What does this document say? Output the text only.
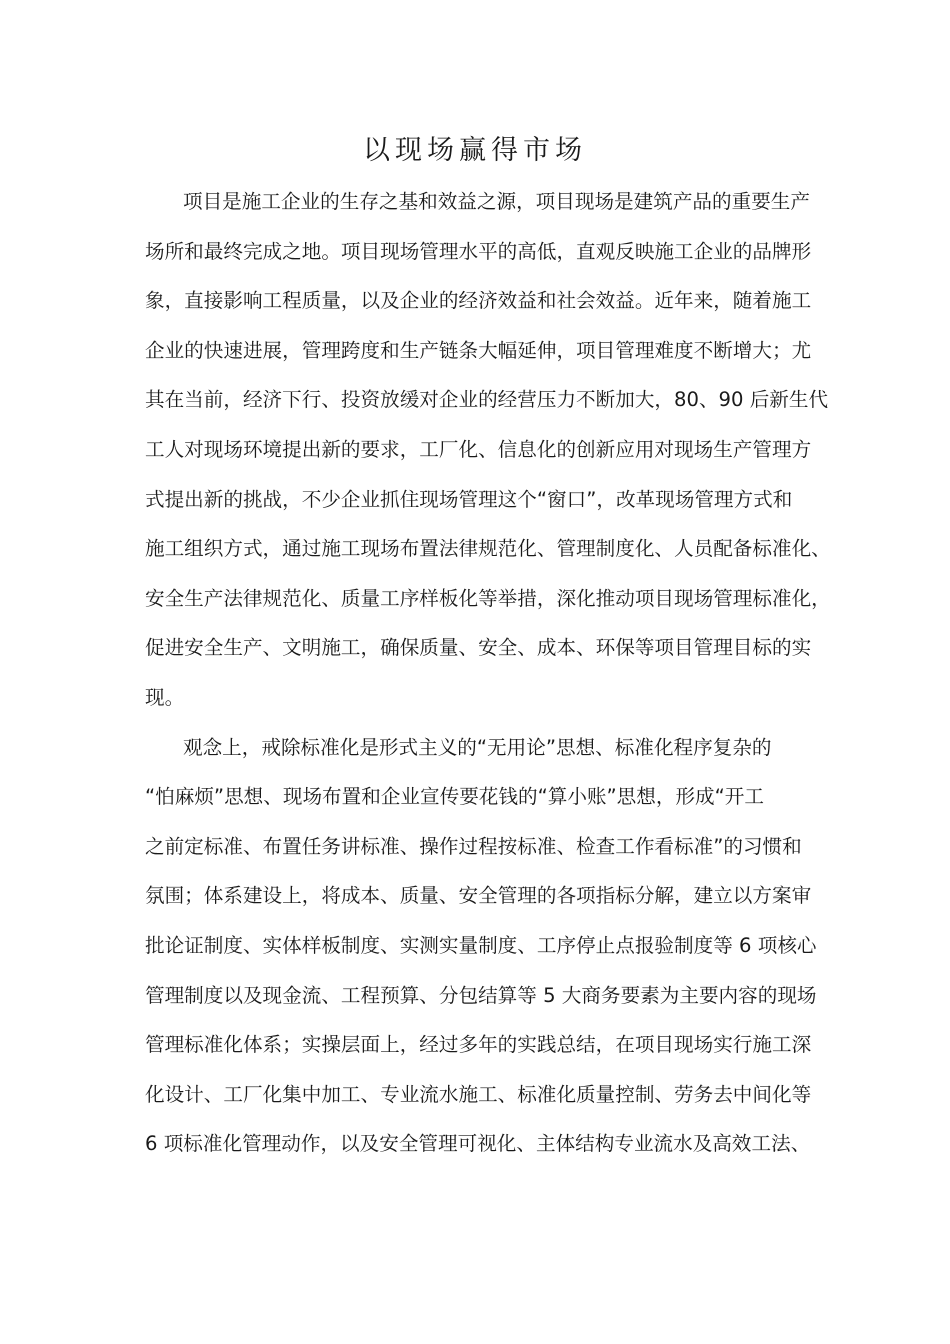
以现场赢得市场
项目是施工企业的生存之基和效益之源，项目现场是建筑产品的重要生产
场所和最终完成之地。项目现场管理水平的高低，直观反映施工企业的品牌形
象，直接影响工程质量，以及企业的经济效益和社会效益。近年来，随着施工
企业的快速进展，管理跨度和生产链条大幅延伸，项目管理难度不断增大；尤
其在当前，经济下行、投资放缓对企业的经营压力不断加大，80、90 后新生代
工人对现场环境提出新的要求，工厂化、信息化的创新应用对现场生产管理方
式提出新的挑战，不少企业抓住现场管理这个“窗口”，改革现场管理方式和
施工组织方式，通过施工现场布置法律规范化、管理制度化、人员配备标准化、
安全生产法律规范化、质量工序样板化等举措，深化推动项目现场管理标准化，
促进安全生产、文明施工，确保质量、安全、成本、环保等项目管理目标的实
现。
观念上，戒除标准化是形式主义的“无用论”思想、标准化程序复杂的
“怕麻烦”思想、现场布置和企业宣传要花钱的“算小账”思想，形成“开工
之前定标准、布置任务讲标准、操作过程按标准、检查工作看标准”的习惯和
氛围；体系建设上，将成本、质量、安全管理的各项指标分解，建立以方案审
批论证制度、实体样板制度、实测实量制度、工序停止点报验制度等 6 项核心
管理制度以及现金流、工程预算、分包结算等 5 大商务要素为主要内容的现场
管理标准化体系；实操层面上，经过多年的实践总结，在项目现场实行施工深
化设计、工厂化集中加工、专业流水施工、标准化质量控制、劳务去中间化等
6 项标准化管理动作，以及安全管理可视化、主体结构专业流水及高效工法、
